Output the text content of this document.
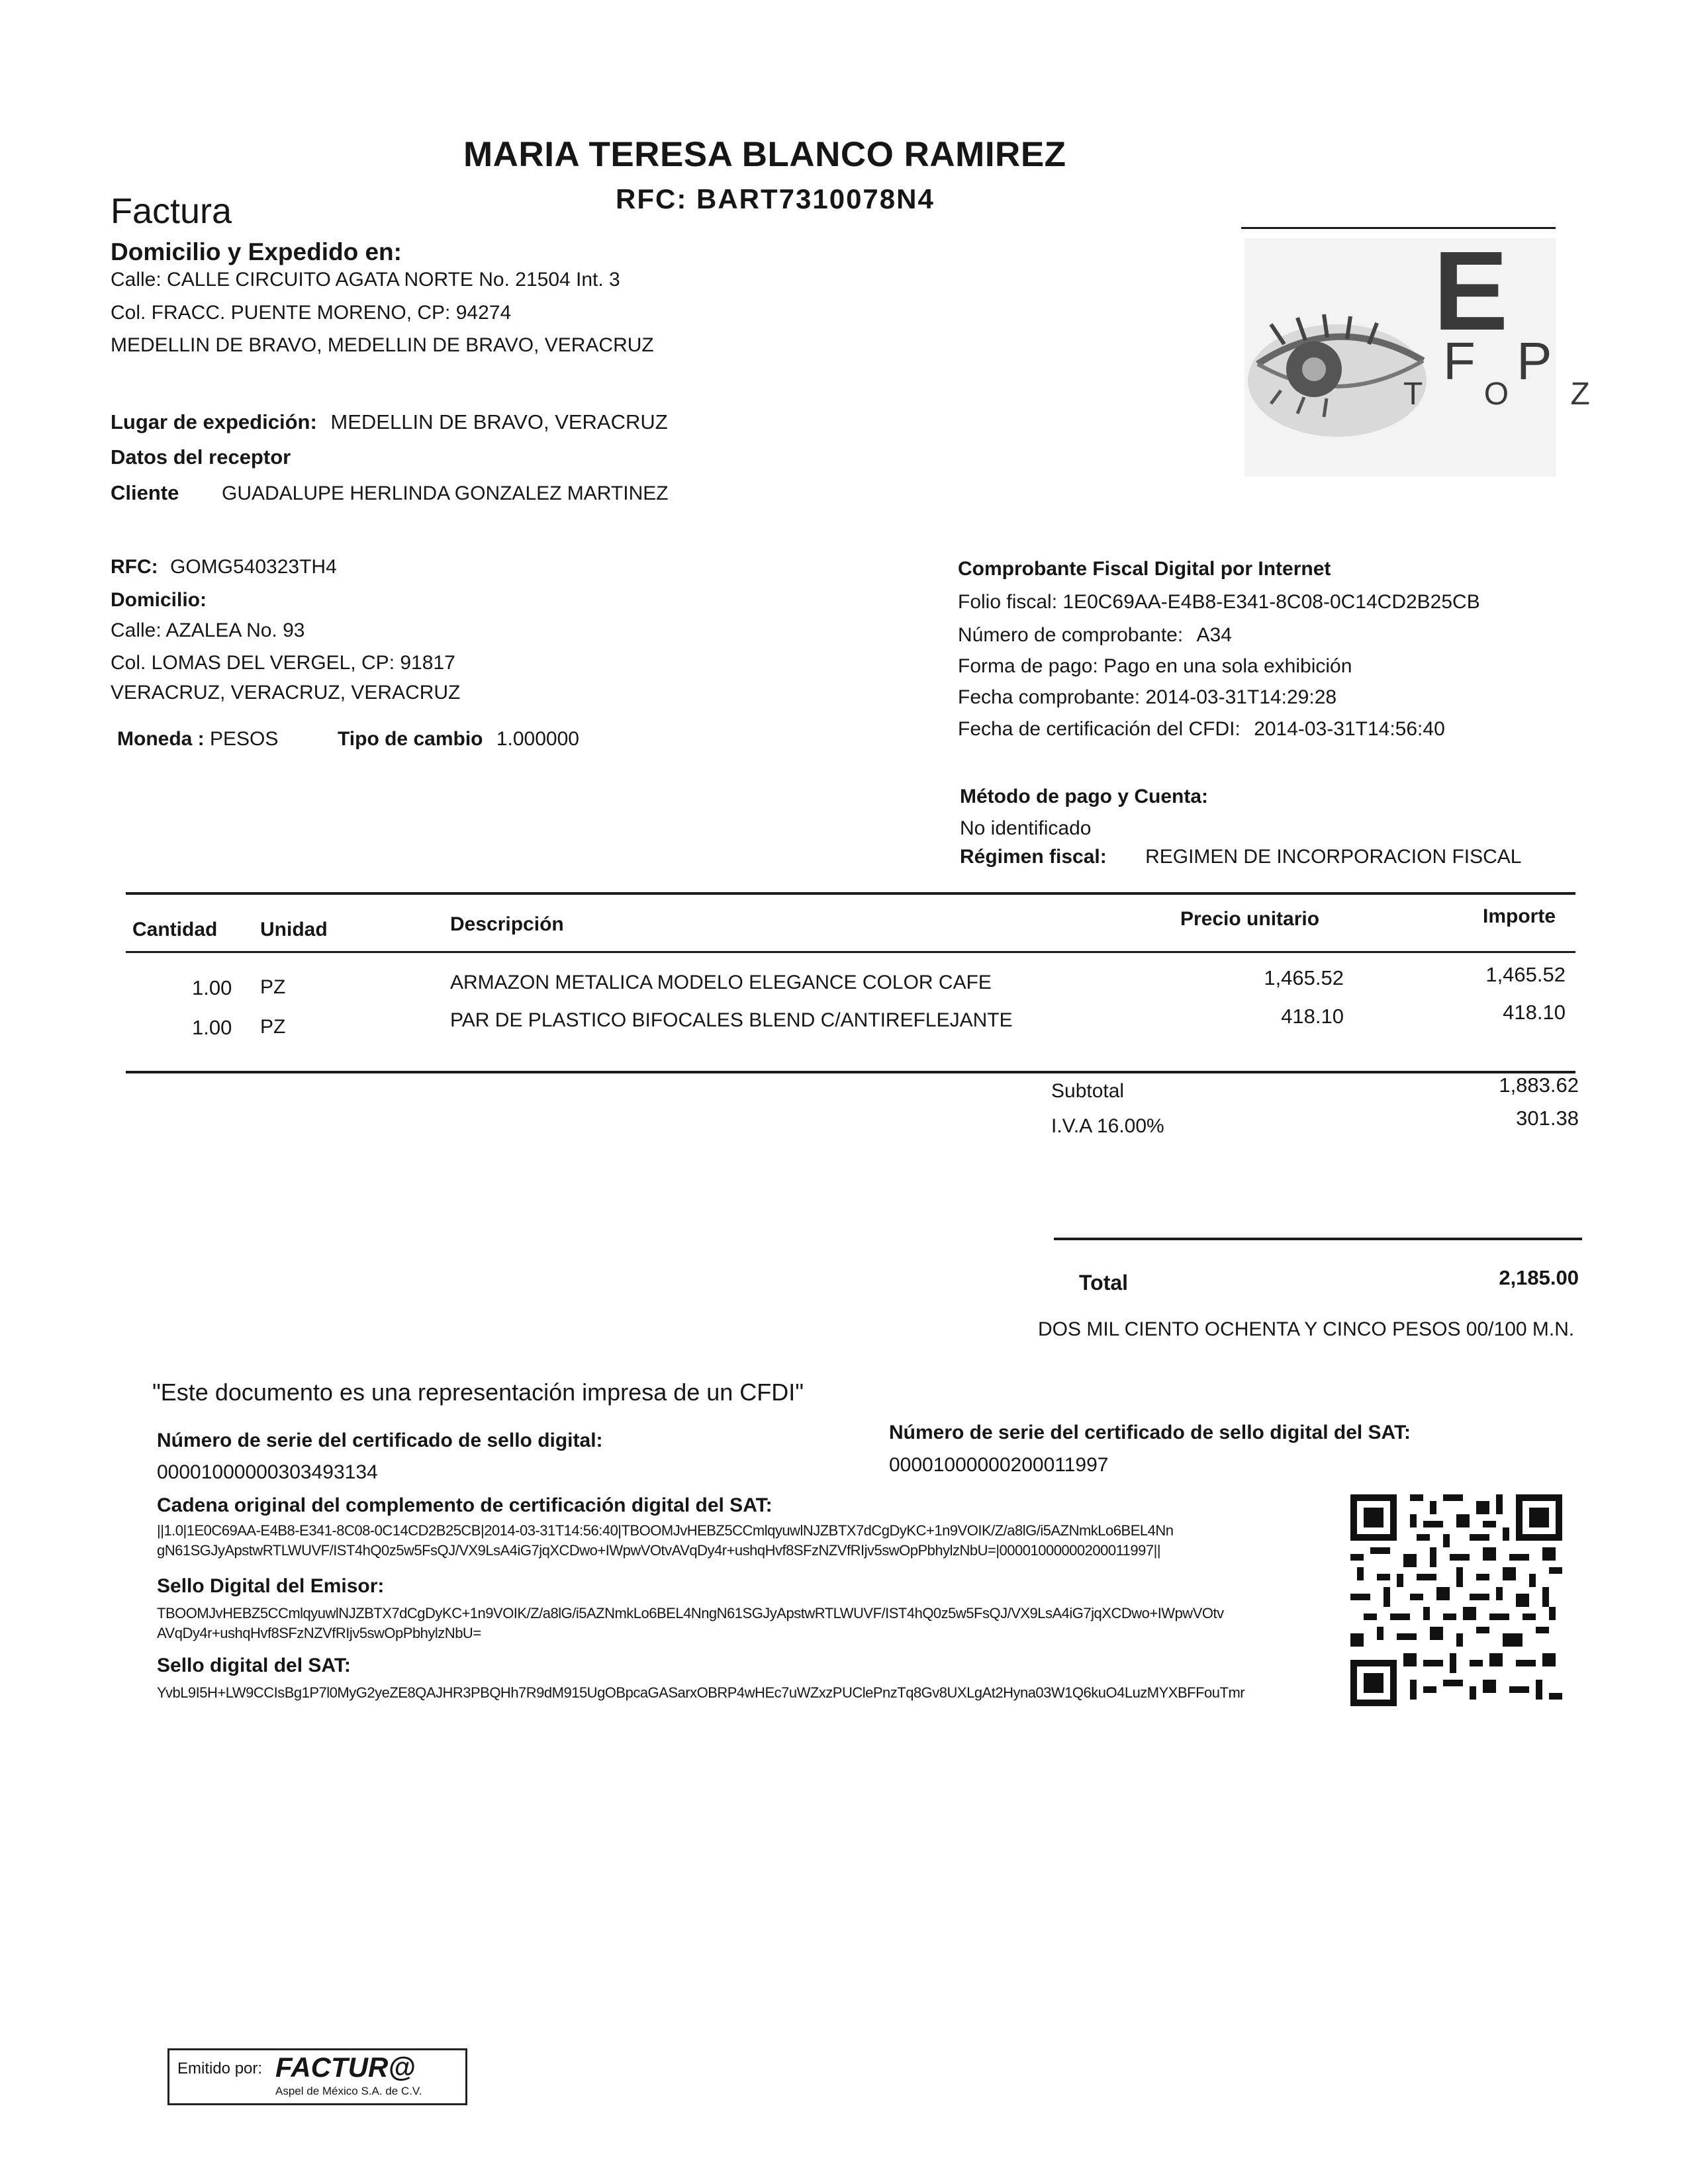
MARIA TERESA BLANCO RAMIREZ
RFC: BART7310078N4
Factura
Domicilio y Expedido en:
Calle: CALLE CIRCUITO AGATA NORTE No. 21504 Int. 3
Col. FRACC. PUENTE MORENO, CP: 94274
MEDELLIN DE BRAVO, MEDELLIN DE BRAVO, VERACRUZ	E
F P
T O Z
Lugar de expedición: MEDELLIN DE BRAVO, VERACRUZ
Datos del receptor
Cliente GUADALUPE HERLINDA GONZALEZ MARTINEZ
RFC: GOMG540323TH4
Domicilio:
Calle: AZALEA No. 93
Col. LOMAS DEL VERGEL, CP: 91817
VERACRUZ, VERACRUZ, VERACRUZ
Moneda : PESOS	Tipo de cambio 1.000000
Comprobante Fiscal Digital por Internet
Folio fiscal: 1E0C69AA-E4B8-E341-8C08-0C14CD2B25CB
Número de comprobante: A34
Forma de pago: Pago en una sola exhibición
Fecha comprobante: 2014-03-31T14:29:28
Fecha de certificación del CFDI: 2014-03-31T14:56:40
Método de pago y Cuenta:
No identificado
Régimen fiscal: REGIMEN DE INCORPORACION FISCAL
Cantidad Unidad	Descripción	Precio unitario	Importe
1.00 PZ	ARMAZON METALICA MODELO ELEGANCE COLOR CAFE	1,465.52	1,465.52
1.00 PZ	PAR DE PLASTICO BIFOCALES BLEND C/ANTIREFLEJANTE	418.10	418.10
Subtotal	1,883.62
I.V.A 16.00%	301.38
Total	2,185.00
DOS MIL CIENTO OCHENTA Y CINCO PESOS 00/100 M.N.
"Este documento es una representación impresa de un CFDI"
Número de serie del certificado de sello digital:
00001000000303493134
Número de serie del certificado de sello digital del SAT:
00001000000200011997
Cadena original del complemento de certificación digital del SAT:
||1.0|1E0C69AA-E4B8-E341-8C08-0C14CD2B25CB|2014-03-31T14:56:40|TBOOMJvHEBZ5CCmlqyuwlNJZBTX7dCgDyKC+1n9VOIK/Z/a8lG/i5AZNmkLo6BEL4Nn
gN61SGJyApstwRTLWUVF/IST4hQ0z5w5FsQJ/VX9LsA4iG7jqXCDwo+IWpwVOtvAVqDy4r+ushqHvf8SFzNZVfRIjv5swOpPbhylzNbU=|00001000000200011997||
Sello Digital del Emisor:
TBOOMJvHEBZ5CCmlqyuwlNJZBTX7dCgDyKC+1n9VOIK/Z/a8lG/i5AZNmkLo6BEL4NngN61SGJyApstwRTLWUVF/IST4hQ0z5w5FsQJ/VX9LsA4iG7jqXCDwo+IWpwVOtv
AVqDy4r+ushqHvf8SFzNZVfRIjv5swOpPbhylzNbU=
Sello digital del SAT:
YvbL9I5H+LW9CCIsBg1P7l0MyG2yeZE8QAJHR3PBQHh7R9dM915UgOBpcaGASarxOBRP4wHEc7uWZxzPUClePnzTq8Gv8UXLgAt2Hyna03W1Q6kuO4LuzMYXBFFouTmr
Emitido por: FACTUR@
Aspel de México S.A. de C.V.
